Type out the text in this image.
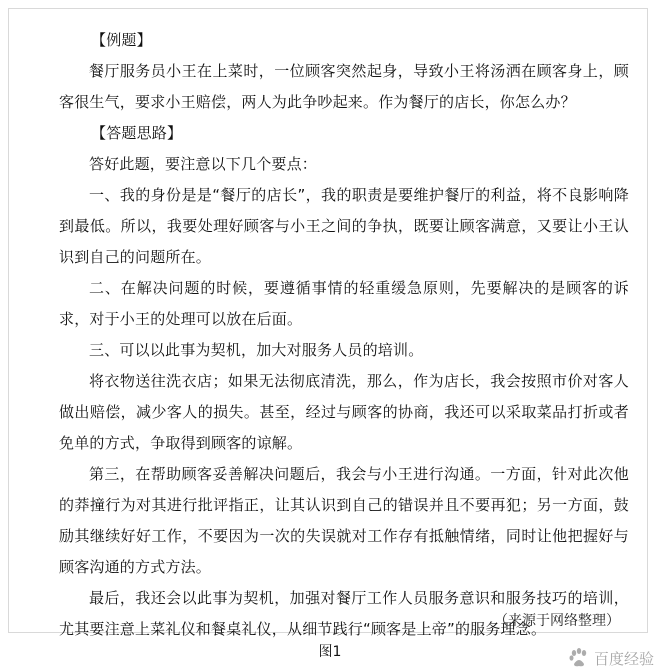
【例题】

餐厅服务员小王在上菜时，一位顾客突然起身，导致小王将汤洒在顾客身上，顾客很生气，要求小王赔偿，两人为此争吵起来。作为餐厅的店长，你怎么办？

【答题思路】

答好此题，要注意以下几个要点：

一、我的身份是是“餐厅的店长”，我的职责是要维护餐厅的利益，将不良影响降到最低。所以，我要处理好顾客与小王之间的争执，既要让顾客满意，又要让小王认识到自己的问题所在。

二、在解决问题的时候，要遵循事情的轻重缓急原则，先要解决的是顾客的诉求，对于小王的处理可以放在后面。

三、可以以此事为契机，加大对服务人员的培训。

将衣物送往洗衣店；如果无法彻底清洗，那么，作为店长，我会按照市价对客人做出赔偿，减少客人的损失。甚至，经过与顾客的协商，我还可以采取菜品打折或者免单的方式，争取得到顾客的谅解。

第三，在帮助顾客妥善解决问题后，我会与小王进行沟通。一方面，针对此次他的莽撞行为对其进行批评指正，让其认识到自己的错误并且不要再犯；另一方面，鼓励其继续好好工作，不要因为一次的失误就对工作存有抵触情绪，同时让他把握好与顾客沟通的方式方法。

最后，我还会以此事为契机，加强对餐厅工作人员服务意识和服务技巧的培训，尤其要注意上菜礼仪和餐桌礼仪，从细节践行“顾客是上帝”的服务理念。

（来源于网络整理）
图1	百度经验
